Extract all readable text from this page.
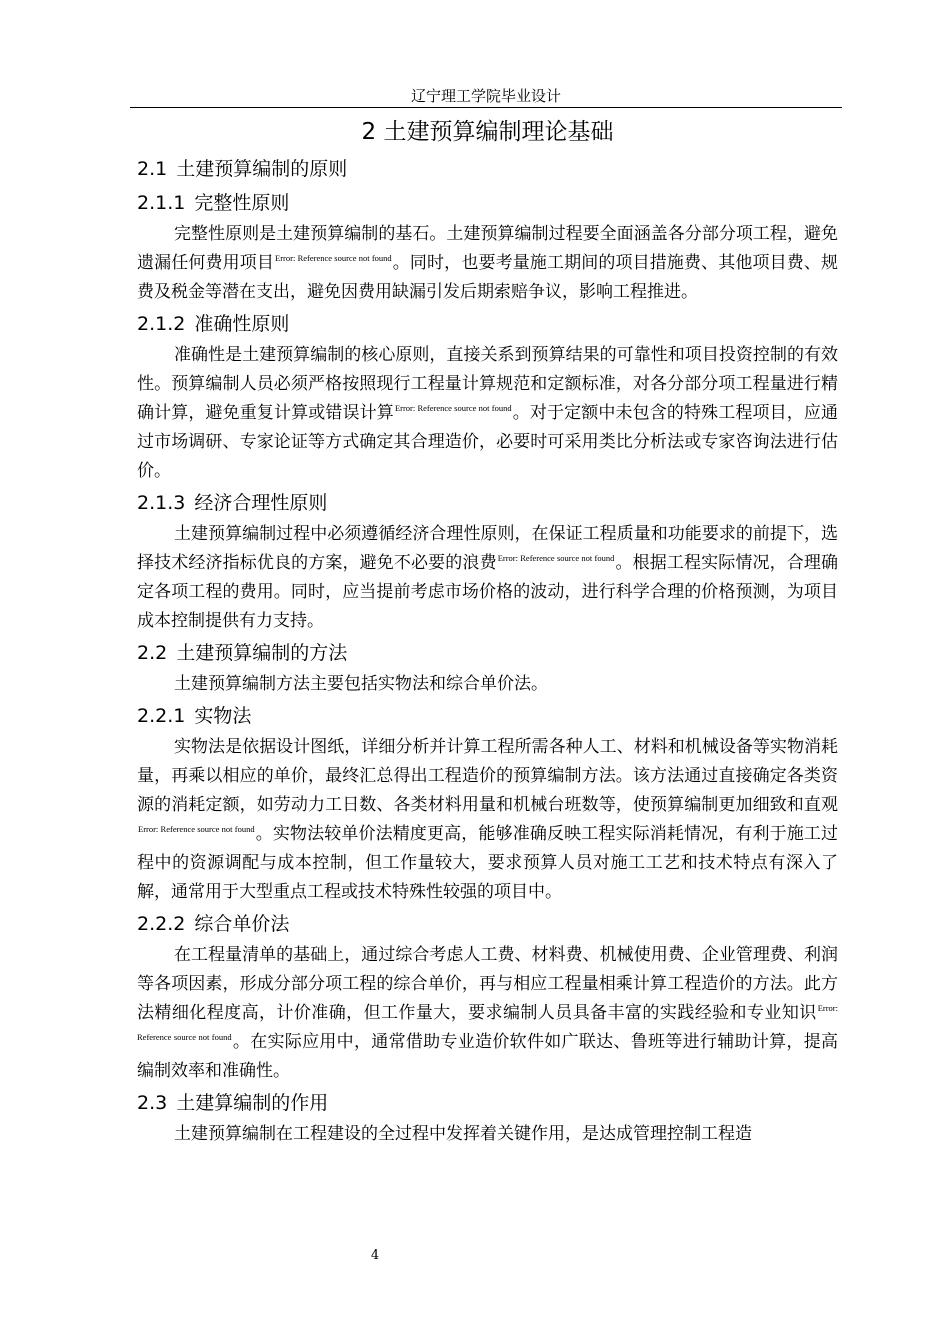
辽宁理工学院毕业设计
2 土建预算编制理论基础
2.1 土建预算编制的原则
2.1.1 完整性原则

完整性原则是土建预算编制的基石。土建预算编制过程要全面涵盖各分部分项工程，避免遗漏任何费用项目$^{Error: Reference source not found}$。同时，也要考量施工期间的项目措施费、其他项目费、规费及税金等潜在支出，避免因费用缺漏引发后期索赔争议，影响工程推进。

2.1.2 准确性原则

准确性是土建预算编制的核心原则，直接关系到预算结果的可靠性和项目投资控制的有效性。预算编制人员必须严格按照现行工程量计算规范和定额标准，对各分部分项工程量进行精确计算，避免重复计算或错误计算$^{Error: Reference source not found}$。对于定额中未包含的特殊工程项目，应通过市场调研、专家论证等方式确定其合理造价，必要时可采用类比分析法或专家咨询法进行估价。

2.1.3 经济合理性原则

土建预算编制过程中必须遵循经济合理性原则，在保证工程质量和功能要求的前提下，选择技术经济指标优良的方案，避免不必要的浪费$^{Error: Reference source not found}$。根据工程实际情况，合理确定各项工程的费用。同时，应当提前考虑市场价格的波动，进行科学合理的价格预测，为项目成本控制提供有力支持。

2.2 土建预算编制的方法

土建预算编制方法主要包括实物法和综合单价法。

2.2.1 实物法

实物法是依据设计图纸，详细分析并计算工程所需各种人工、材料和机械设备等实物消耗量，再乘以相应的单价，最终汇总得出工程造价的预算编制方法。该方法通过直接确定各类资源的消耗定额，如劳动力工日数、各类材料用量和机械台班数等，使预算编制更加细致和直观$^{Error: Reference source not found}$。实物法较单价法精度更高，能够准确反映工程实际消耗情况，有利于施工过程中的资源调配与成本控制，但工作量较大，要求预算人员对施工工艺和技术特点有深入了解，通常用于大型重点工程或技术特殊性较强的项目中。

2.2.2 综合单价法

在工程量清单的基础上，通过综合考虑人工费、材料费、机械使用费、企业管理费、利润等各项因素，形成分部分项工程的综合单价，再与相应工程量相乘计算工程造价的方法。此方法精细化程度高，计价准确，但工作量大，要求编制人员具备丰富的实践经验和专业知识$^{Error: Reference source not found}$。在实际应用中，通常借助专业造价软件如广联达、鲁班等进行辅助计算，提高编制效率和准确性。

2.3 土建算编制的作用

土建预算编制在工程建设的全过程中发挥着关键作用，是达成管理控制工程造

4
